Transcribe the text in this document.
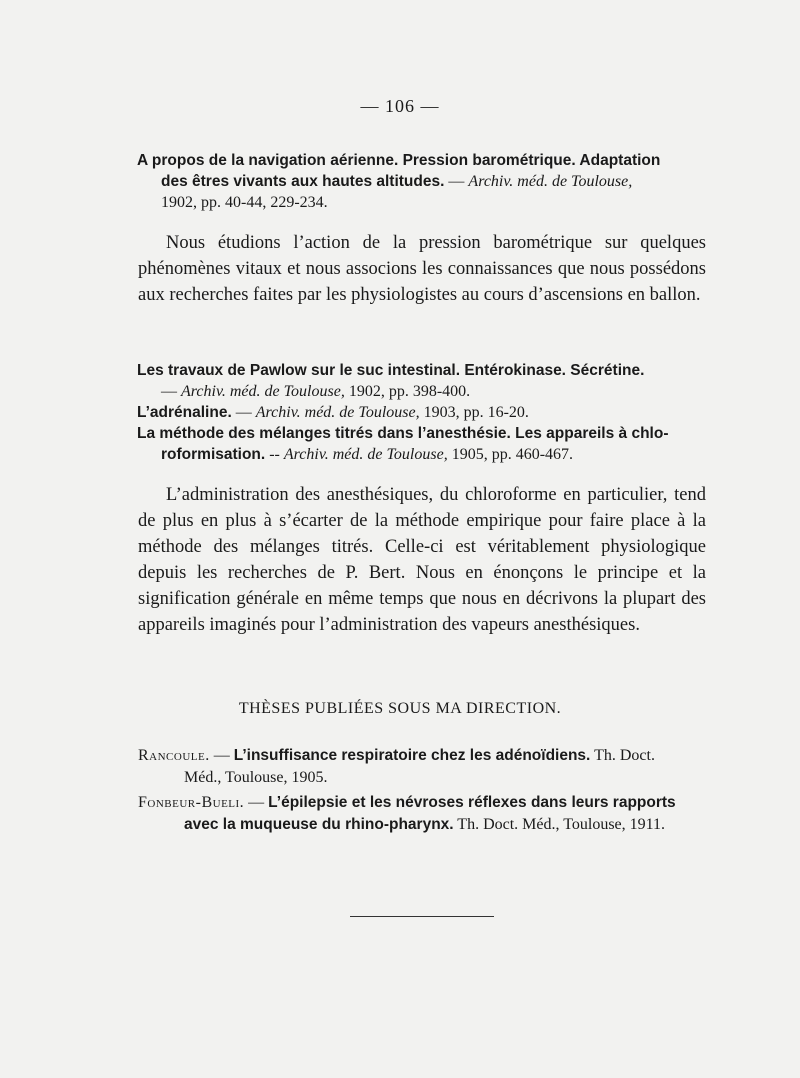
— 106 —
A propos de la navigation aérienne. Pression barométrique. Adaptation
des êtres vivants aux hautes altitudes. — Archiv. méd. de Toulouse,
1902, pp. 40-44, 229-234.
Nous étudions l’action de la pression barométrique sur quelques phénomènes vitaux et nous associons les connaissances que nous possédons aux recherches faites par les physiologistes au cours d’ascensions en ballon.
Les travaux de Pawlow sur le suc intestinal. Entérokinase. Sécrétine.
— Archiv. méd. de Toulouse, 1902, pp. 398-400.
L’adrénaline. — Archiv. méd. de Toulouse, 1903, pp. 16-20.
La méthode des mélanges titrés dans l’anesthésie. Les appareils à chlo-
roformisation. -- Archiv. méd. de Toulouse, 1905, pp. 460-467.
L’administration des anesthésiques, du chloroforme en particulier, tend de plus en plus à s’écarter de la méthode empirique pour faire place à la méthode des mélanges titrés. Celle-ci est véritablement physiologique depuis les recherches de P. Bert. Nous en énonçons le principe et la signification générale en même temps que nous en décrivons la plupart des appareils imaginés pour l’administration des vapeurs anesthésiques.
THÈSES PUBLIÉES SOUS MA DIRECTION.
Rancoule. — L’insuffisance respiratoire chez les adénoïdiens. Th. Doct.
Méd., Toulouse, 1905.
Fonbeur-Bueli. — L’épilepsie et les névroses réflexes dans leurs rapports
avec la muqueuse du rhino-pharynx. Th. Doct. Méd., Toulouse, 1911.
